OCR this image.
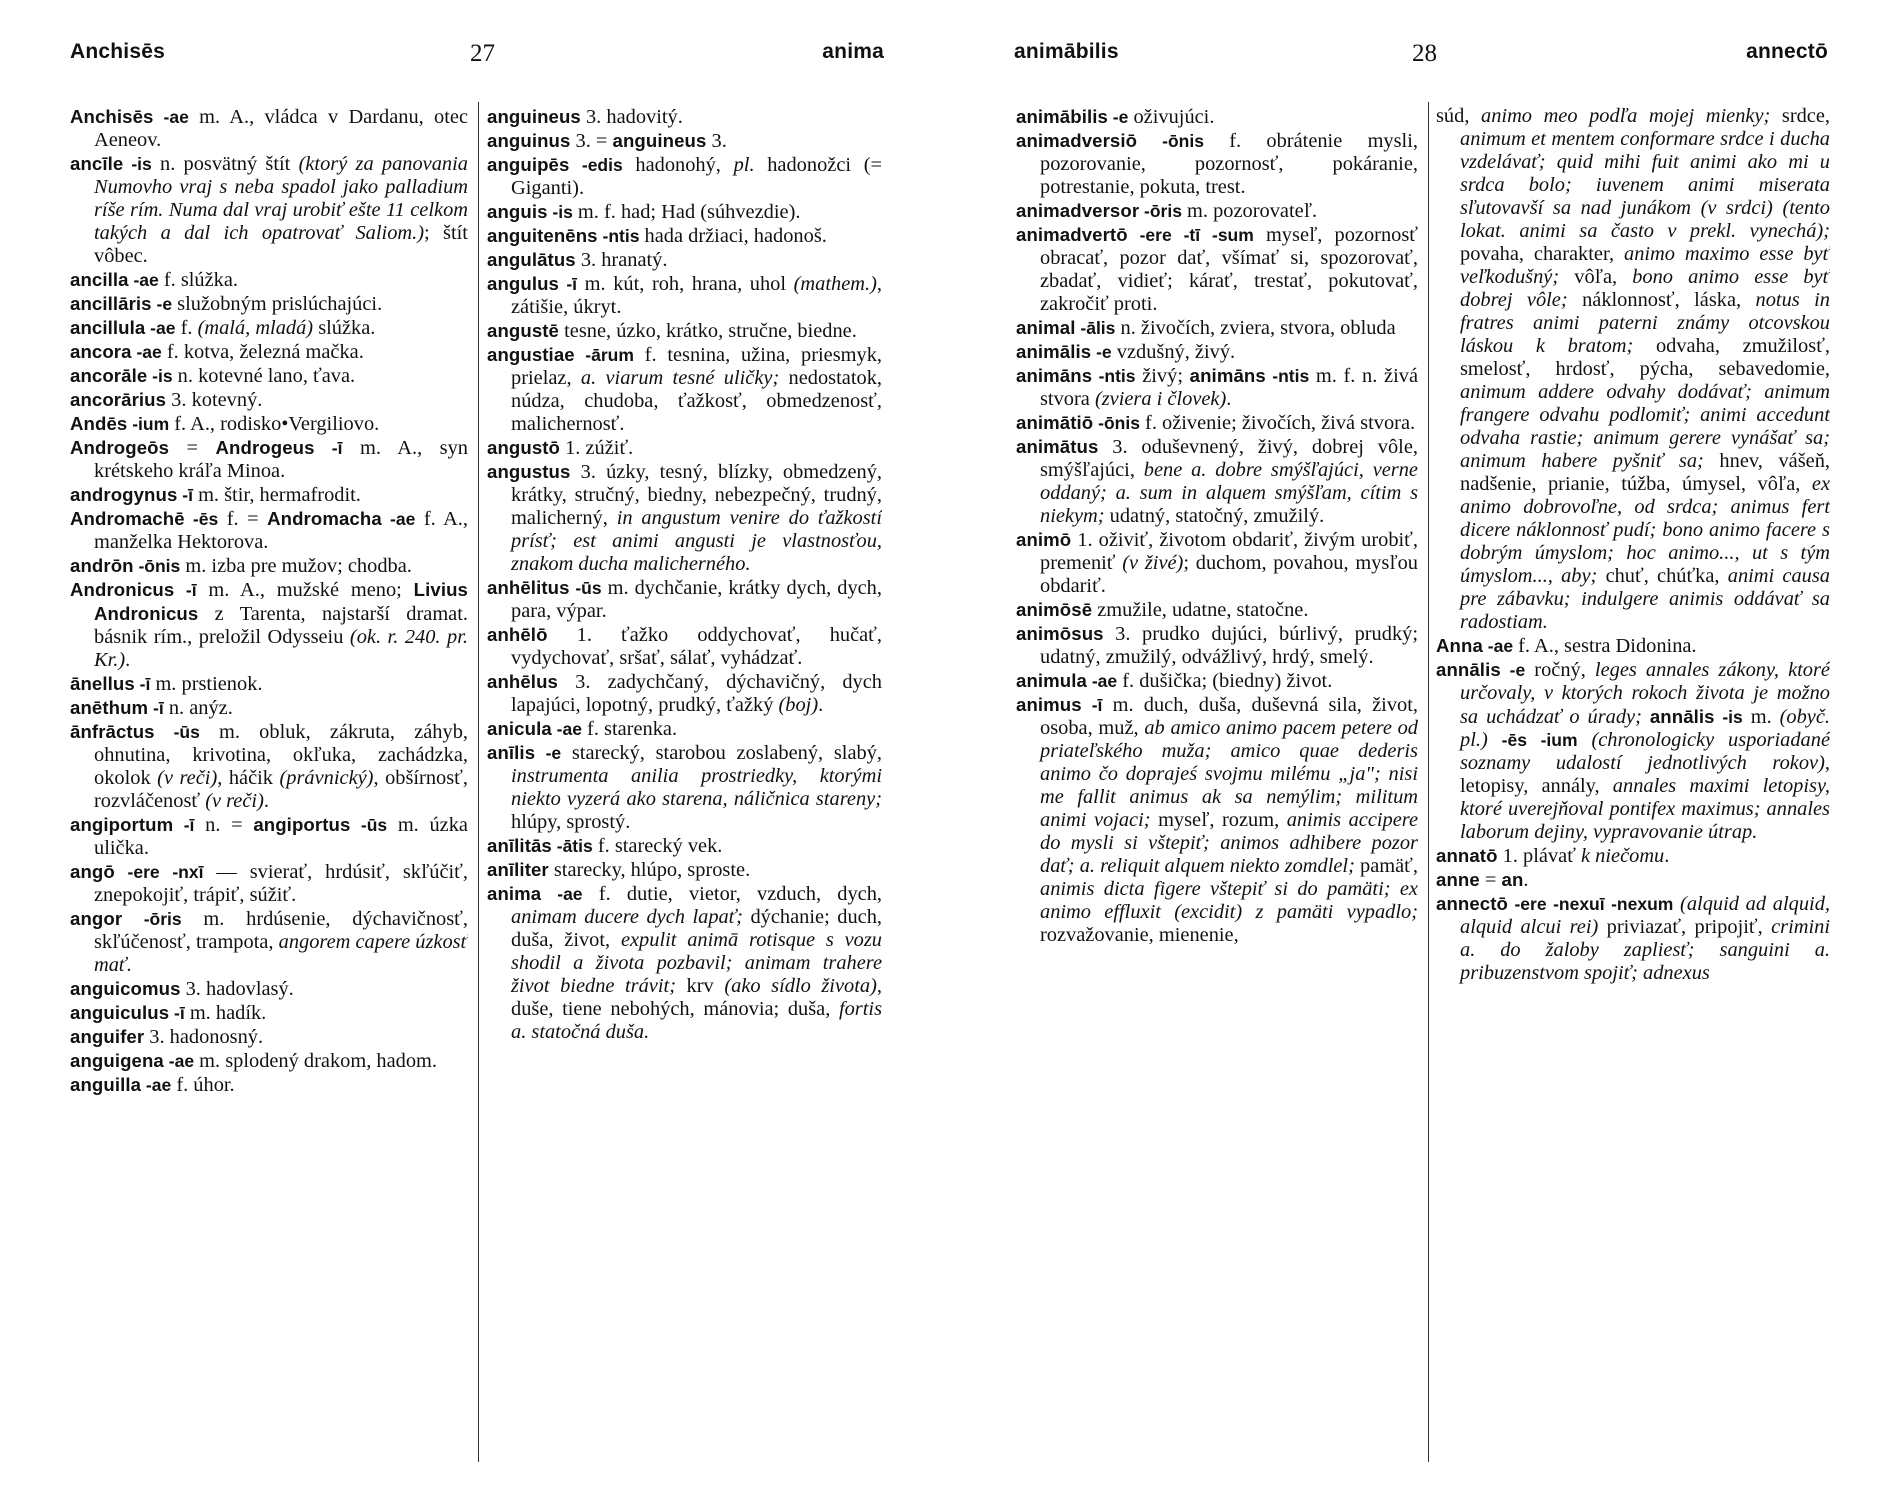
Anchisēs	27	anima

Anchisēs -ae m. A., vládca v Dardanu, otec Aeneov.

ancīle -is n. posvätný štít (ktorý za panovania Numovho vraj s neba spadol jako palladium ríše rím. Numa dal vraj urobiť ešte 11 celkom takých a dal ich opatrovať Saliom.); štít vôbec.

ancilla -ae f. slúžka.

ancillāris -e služobným prislúchajúci.

ancillula -ae f. (malá, mladá) slúžka.

ancora -ae f. kotva, železná mačka.

ancorāle -is n. kotevné lano, ťava.

ancorārius 3. kotevný.

Andēs -ium f. A., rodisko•Vergiliovo.

Androgeōs = Androgeus -ī m. A., syn krétskeho kráľa Minoa.

androgynus -ī m. štir, hermafrodit.

Andromachē -ēs f. = Andromacha -ae f. A., manželka Hektorova.

andrōn -ōnis m. izba pre mužov; chodba.

Andronicus -ī m. A., mužské meno; Livius Andronicus z Tarenta, najstarší dramat. básnik rím., preložil Odysseiu (ok. r. 240. pr. Kr.).

ānellus -ī m. prstienok.

anēthum -ī n. anýz.

ānfrāctus -ūs m. obluk, zákruta, záhyb, ohnutina, krivotina, okľuka, zachádzka, okolok (v reči), háčik (právnický), obšírnosť, rozvláčenosť (v reči).

angiportum -ī n. = angiportus -ūs m. úzka ulička.

angō -ere -nxī — svierať, hrdúsiť, skľúčiť, znepokojiť, trápiť, súžiť.

angor -ōris m. hrdúsenie, dýchavičnosť, skľúčenosť, trampota, angorem capere úzkosť mať.

anguicomus 3. hadovlasý.

anguiculus -ī m. hadík.

anguifer 3. hadonosný.

anguigena -ae m. splodený drakom, hadom.

anguilla -ae f. úhor.

anguineus 3. hadovitý.

anguinus 3. = anguineus 3.

anguipēs -edis hadonohý, pl. hadonožci (= Giganti).

anguis -is m. f. had; Had (súhvezdie).

anguitenēns -ntis hada držiaci, hadonoš.

angulātus 3. hranatý.

angulus -ī m. kút, roh, hrana, uhol (mathem.), zátišie, úkryt.

angustē tesne, úzko, krátko, stručne, biedne.

angustiae -ārum f. tesnina, užina, priesmyk, prielaz, a. viarum tesné uličky; nedostatok, núdza, chudoba, ťažkosť, obmedzenosť, malichernosť.

angustō 1. zúžiť.

angustus 3. úzky, tesný, blízky, obmedzený, krátky, stručný, biedny, nebezpečný, trudný, malicherný, in angustum venire do ťažkostí prísť; est animi angusti je vlastnosťou, znakom ducha malicherného.

anhēlitus -ūs m. dychčanie, krátky dych, dych, para, výpar.

anhēlō 1. ťažko oddychovať, hučať, vydychovať, sršať, sálať, vyhádzať.

anhēlus 3. zadychčaný, dýchavičný, dych lapajúci, lopotný, prudký, ťažký (boj).

anicula -ae f. starenka.

anīlis -e starecký, starobou zoslabený, slabý, instrumenta anilia prostriedky, ktorými niekto vyzerá ako starena, náličnica stareny; hlúpy, sprostý.

anīlitās -ātis f. starecký vek.

anīliter starecky, hlúpo, sproste.

anima -ae f. dutie, vietor, vzduch, dych, animam ducere dych lapať; dýchanie; duch, duša, život, expulit animā rotisque s vozu shodil a života pozbavil; animam trahere život biedne trávit; krv (ako sídlo života), duše, tiene nebohých, mánovia; duša, fortis a. statočná duša.

animābilis	28	annectō

animābilis -e oživujúci.

animadversiō -ōnis f. obrátenie mysli, pozorovanie, pozornosť, pokáranie, potrestanie, pokuta, trest.

animadversor -ōris m. pozorovateľ.

animadvertō -ere -tī -sum myseľ, pozornosť obracať, pozor dať, všímať si, spozorovať, zbadať, vidieť; kárať, trestať, pokutovať, zakročiť proti.

animal -ālis n. živočích, zviera, stvora, obluda

animālis -e vzdušný, živý.

animāns -ntis živý; animāns -ntis m. f. n. živá stvora (zviera i človek).

animātiō -ōnis f. oživenie; živočích, živá stvora.

animātus 3. oduševnený, živý, dobrej vôle, smýšľajúci, bene a. dobre smýšľajúci, verne oddaný; a. sum in alquem smýšľam, cítim s niekym; udatný, statočný, zmužilý.

animō 1. oživiť, životom obdariť, živým urobiť, premeniť (v živé); duchom, povahou, mysľou obdariť.

animōsē zmužile, udatne, statočne.

animōsus 3. prudko dujúci, búrlivý, prudký; udatný, zmužilý, odvážlivý, hrdý, smelý.

animula -ae f. dušička; (biedny) život.

animus -ī m. duch, duša, duševná sila, život, osoba, muž, ab amico animo pacem petere od priateľského muža; amico quae dederis animo čo doprajeś svojmu milému „ja"; nisi me fallit animus ak sa nemýlim; militum animi vojaci; myseľ, rozum, animis accipere do mysli si vštepiť; animos adhibere pozor dať; a. reliquit alquem niekto zomdlel; pamäť, animis dicta figere vštepiť si do pamäti; ex animo effluxit (excidit) z pamäti vypadlo; rozvažovanie, mienenie,

súd, animo meo podľa mojej mienky; srdce, animum et mentem conformare srdce i ducha vzdelávať; quid mihi fuit animi ako mi u srdca bolo; iuvenem animi miserata sľutovavší sa nad junákom (v srdci) (tento lokat. animi sa často v prekl. vynechá); povaha, charakter, animo maximo esse byť veľkodušný; vôľa, bono animo esse byť dobrej vôle; náklonnosť, láska, notus in fratres animi paterni známy otcovskou láskou k bratom; odvaha, zmužilosť, smelosť, hrdosť, pýcha, sebavedomie, animum addere odvahy dodávať; animum frangere odvahu podlomiť; animi accedunt odvaha rastie; animum gerere vynášať sa; animum habere pyšniť sa; hnev, vášeň, nadšenie, prianie, túžba, úmysel, vôľa, ex animo dobrovoľne, od srdca; animus fert dicere náklonnosť pudí; bono animo facere s dobrým úmyslom; hoc animo..., ut s tým úmyslom..., aby; chuť, chúťka, animi causa pre zábavku; indulgere animis oddávať sa radostiam.

Anna -ae f. A., sestra Didonina.

annālis -e ročný, leges annales zákony, ktoré určovaly, v ktorých rokoch života je možno sa uchádzať o úrady; annālis -is m. (obyč. pl.) -ēs -ium (chronologicky usporiadané soznamy udalostí jednotlivých rokov), letopisy, annály, annales maximi letopisy, ktoré uverejňoval pontifex maximus; annales laborum dejiny, vypravovanie útrap.

annatō 1. plávať k niečomu.

anne = an.

annectō -ere -nexuī -nexum (alquid ad alquid, alquid alcui rei) priviazať, pripojiť, crimini a. do žaloby zapliesť; sanguini a. pribuzenstvom spojiť; adnexus
